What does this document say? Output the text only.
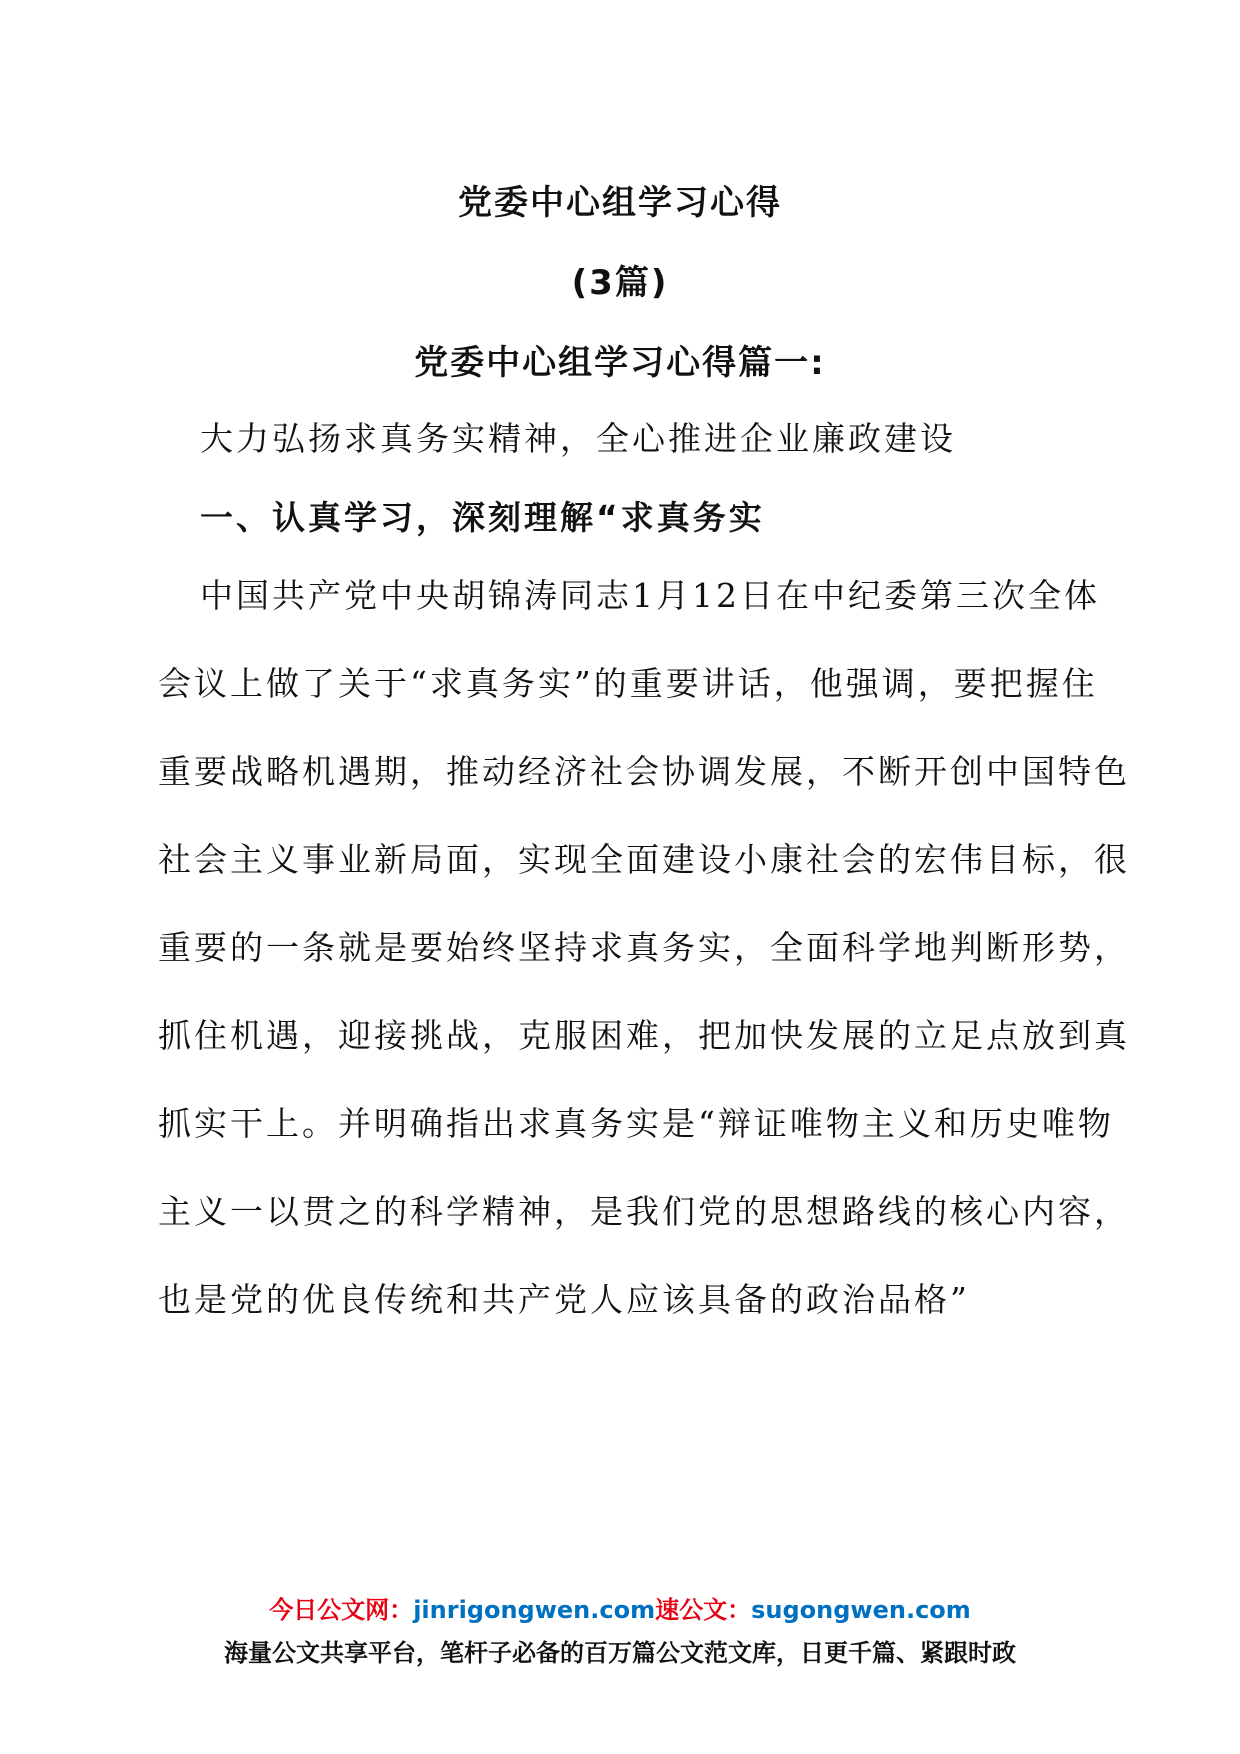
党委中心组学习心得
(3篇)
党委中心组学习心得篇一:
大力弘扬求真务实精神，全心推进企业廉政建设
一、认真学习，深刻理解“求真务实
中国共产党中央胡锦涛同志1月12日在中纪委第三次全体
会议上做了关于“求真务实”的重要讲话，他强调，要把握住
重要战略机遇期，推动经济社会协调发展，不断开创中国特色
社会主义事业新局面，实现全面建设小康社会的宏伟目标，很
重要的一条就是要始终坚持求真务实，全面科学地判断形势，
抓住机遇，迎接挑战，克服困难，把加快发展的立足点放到真
抓实干上。并明确指出求真务实是“辩证唯物主义和历史唯物
主义一以贯之的科学精神，是我们党的思想路线的核心内容，
也是党的优良传统和共产党人应该具备的政治品格”
今日公文网：jinrigongwen.com速公文：sugongwen.com
海量公文共享平台，笔杆子必备的百万篇公文范文库，日更千篇、紧跟时政
